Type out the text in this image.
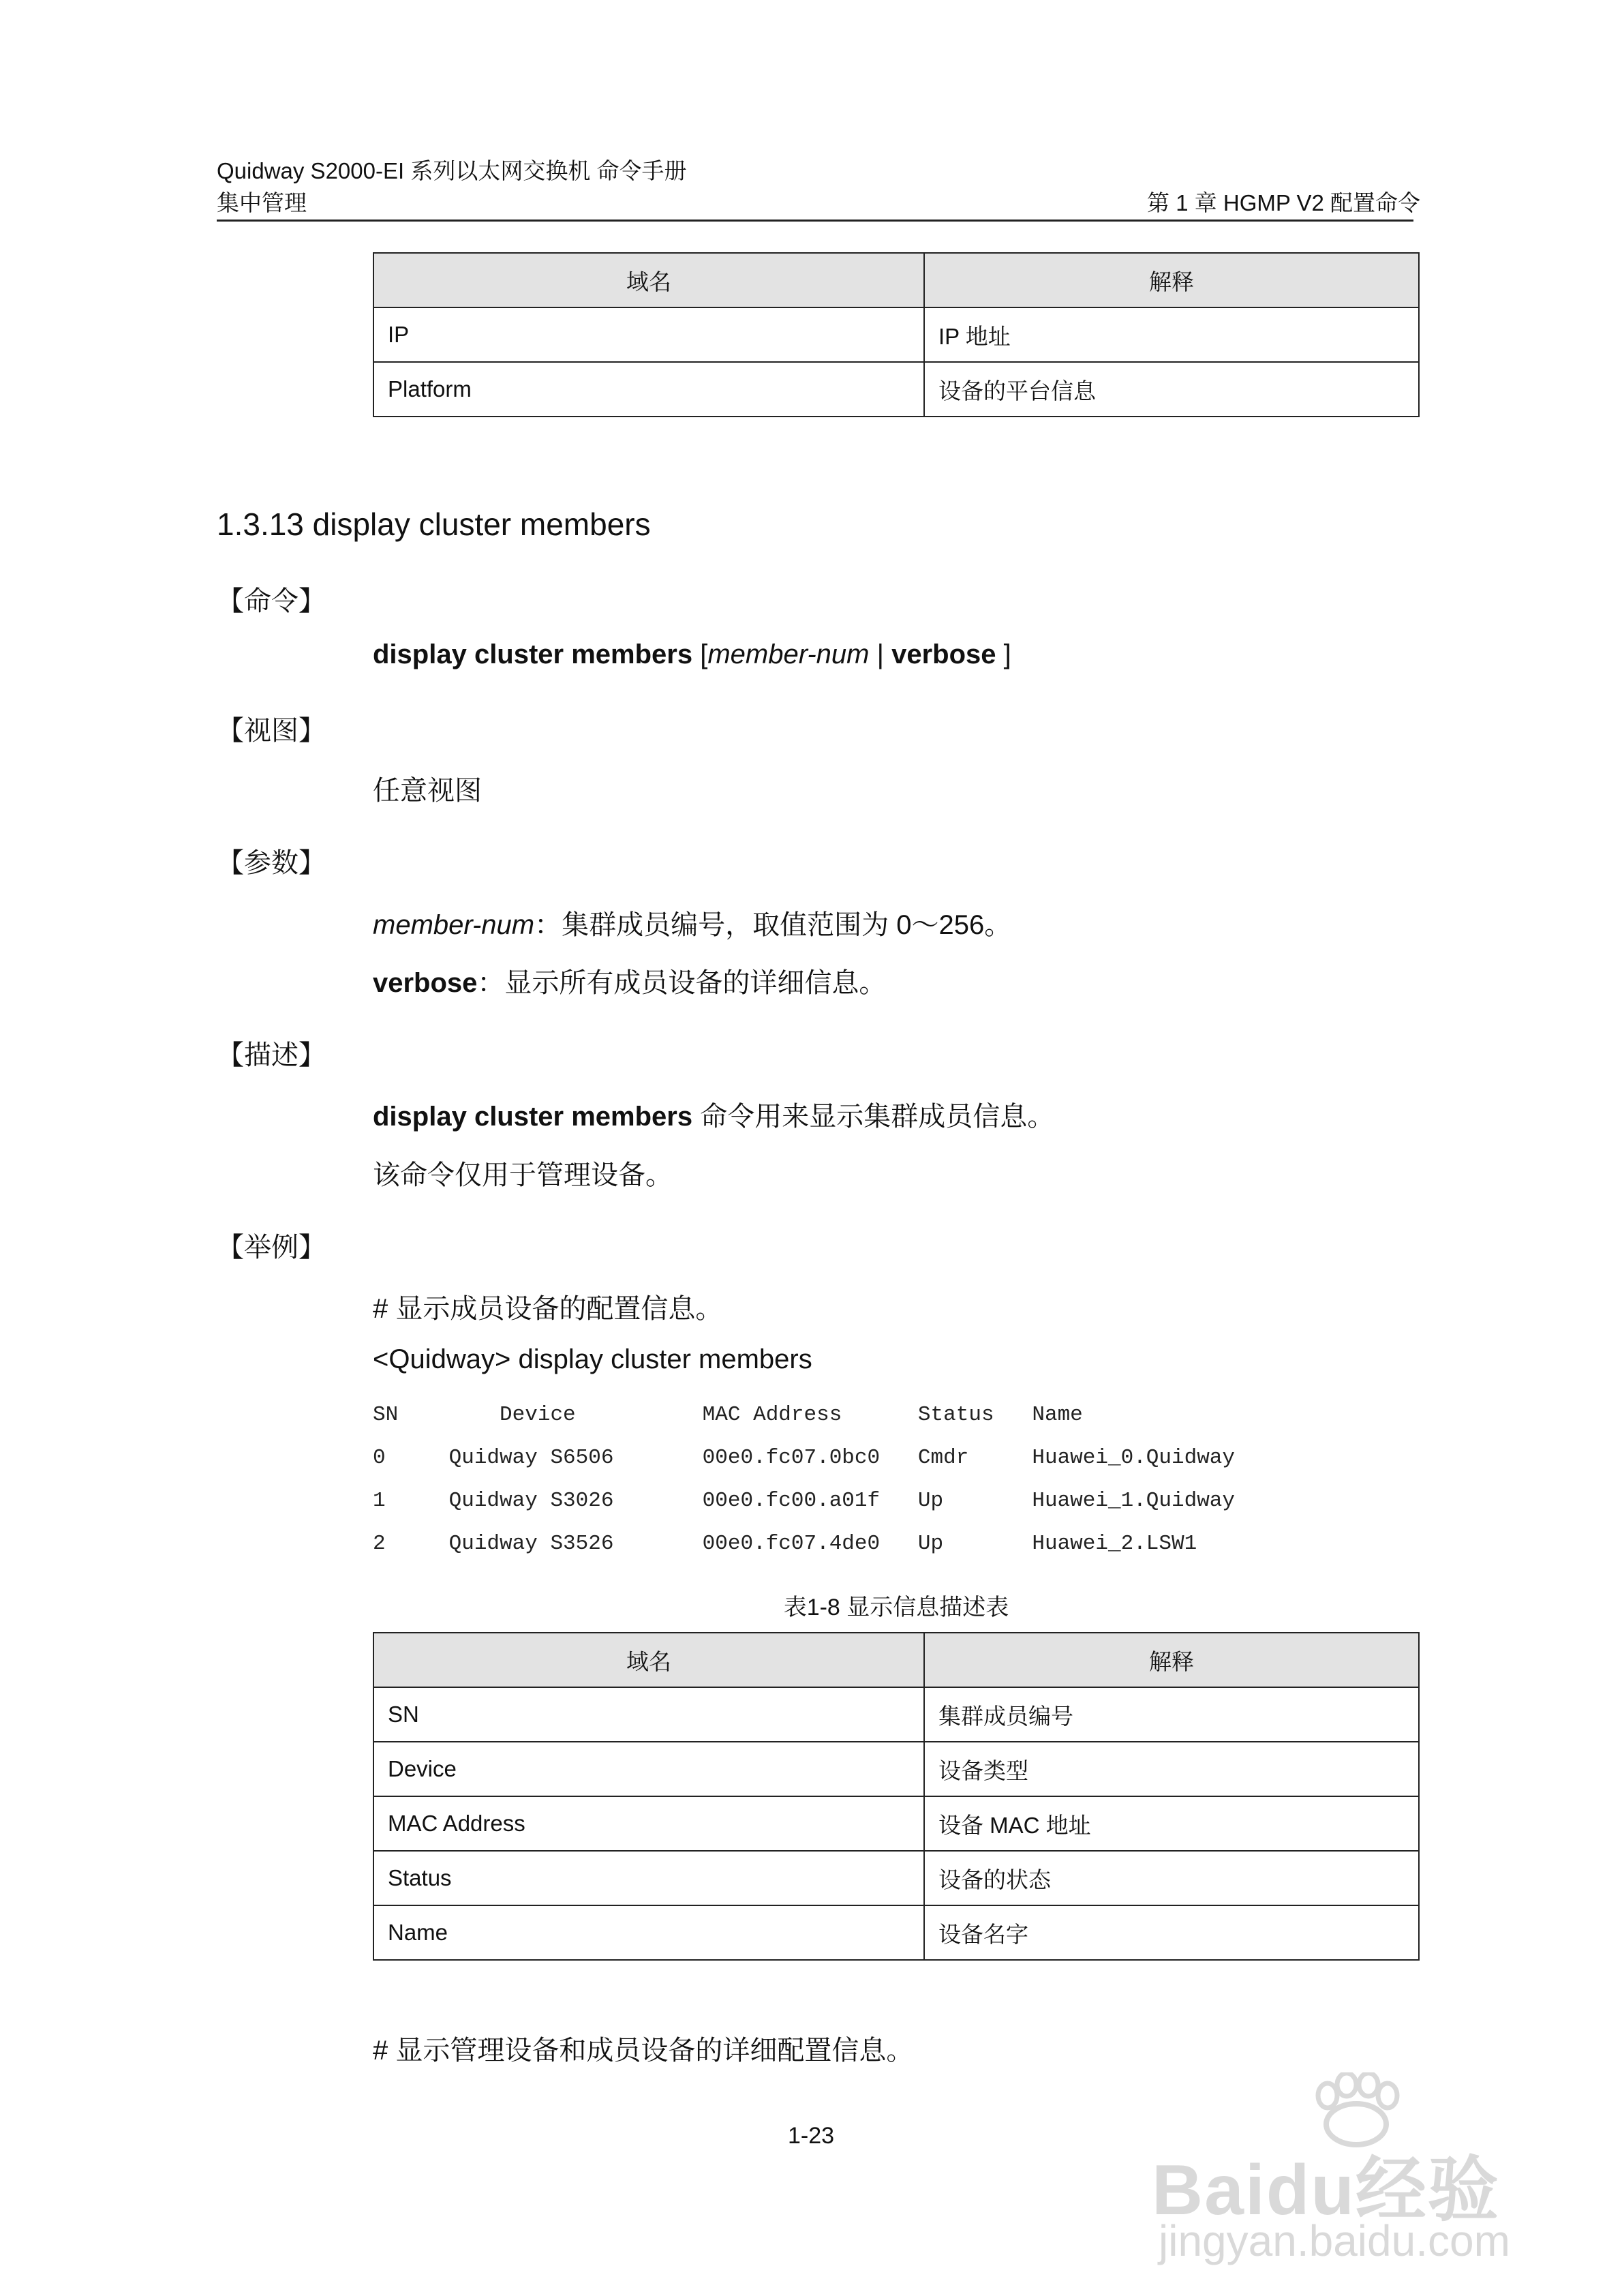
Quidway S2000-EI 系列以太网交换机 命令手册
集中管理	第 1 章 HGMP V2 配置命令
域名	解释
IP	IP 地址
Platform	设备的平台信息
1.3.13 display cluster members
【命令】
display cluster members [member-num | verbose ]
【视图】
任意视图
【参数】
member-num：集群成员编号，取值范围为 0～256。
verbose：显示所有成员设备的详细信息。
【描述】
display cluster members 命令用来显示集群成员信息。
该命令仅用于管理设备。
【举例】
# 显示成员设备的配置信息。
<Quidway> display cluster members
SN        Device          MAC Address      Status   Name
0     Quidway S6506       00e0.fc07.0bc0   Cmdr     Huawei_0.Quidway
1     Quidway S3026       00e0.fc00.a01f   Up       Huawei_1.Quidway
2     Quidway S3526       00e0.fc07.4de0   Up       Huawei_2.LSW1
表1-8 显示信息描述表
域名	解释
SN	集群成员编号
Device	设备类型
MAC Address	设备 MAC 地址
Status	设备的状态
Name	设备名字
# 显示管理设备和成员设备的详细配置信息。
1-23
Baidu经验
jingyan.baidu.com
